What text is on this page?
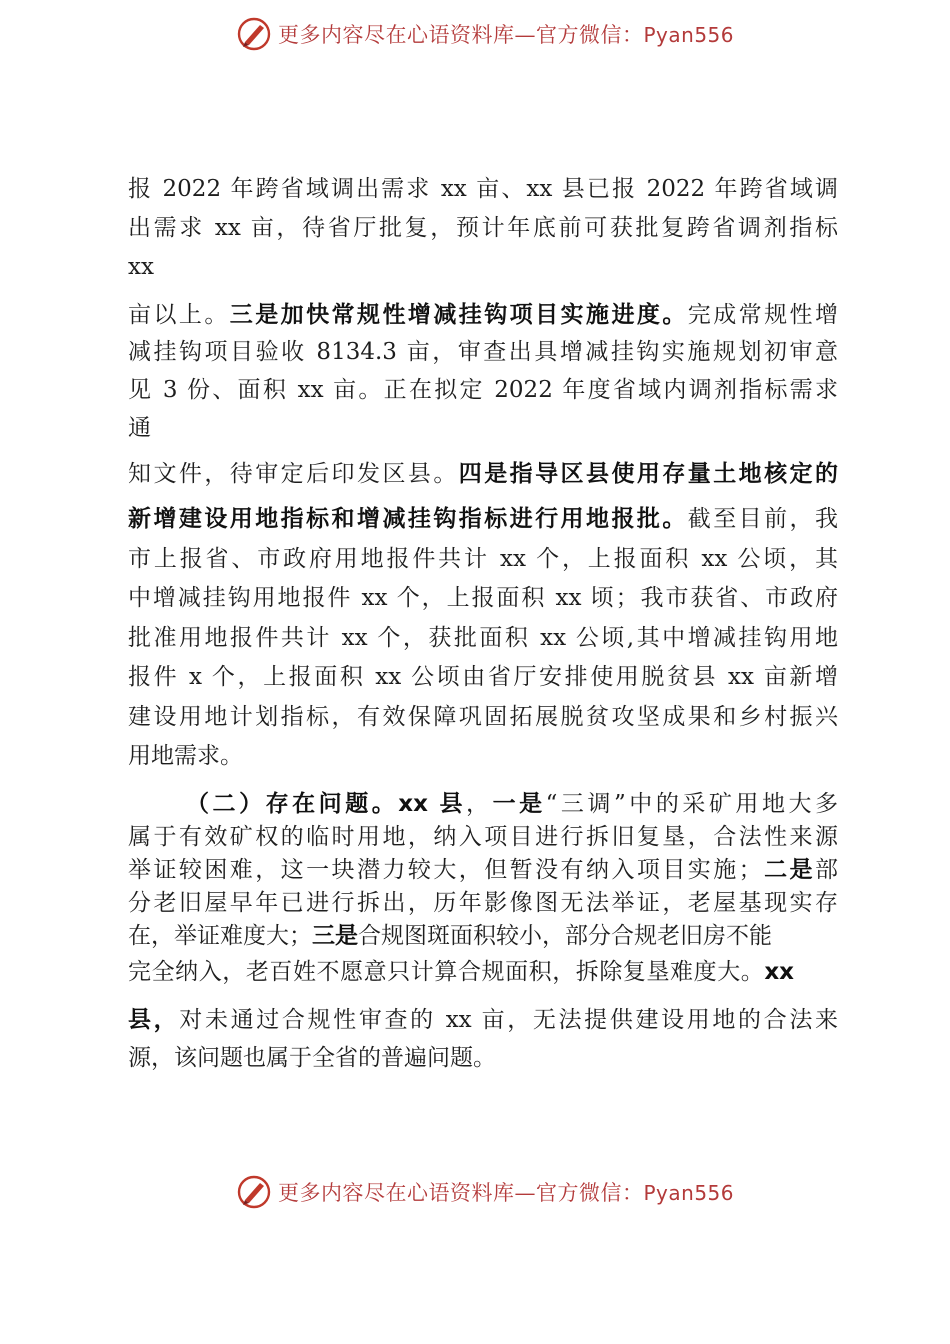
更多内容尽在心语资料库—官方微信：Pyan556
报 2022 年跨省域调出需求 xx 亩、xx 县已报 2022 年跨省域调
出需求 xx 亩，待省厅批复，预计年底前可获批复跨省调剂指标
xx
亩以上。三是加快常规性增减挂钩项目实施进度。完成常规性增
减挂钩项目验收 8134.3 亩，审查出具增减挂钩实施规划初审意
见 3 份、面积 xx 亩。正在拟定 2022 年度省域内调剂指标需求
通
知文件，待审定后印发区县。四是指导区县使用存量土地核定的
新增建设用地指标和增减挂钩指标进行用地报批。截至目前，我
市上报省、市政府用地报件共计 xx 个，上报面积 xx 公顷，其
中增减挂钩用地报件 xx 个，上报面积 xx 顷；我市获省、市政府
批准用地报件共计 xx 个，获批面积 xx 公顷,其中增减挂钩用地
报件 x 个，上报面积 xx 公顷由省厅安排使用脱贫县 xx 亩新增
建设用地计划指标，有效保障巩固拓展脱贫攻坚成果和乡村振兴
用地需求。
（二）存在问题。xx 县，一是“三调”中的采矿用地大多
属于有效矿权的临时用地，纳入项目进行拆旧复垦，合法性来源
举证较困难，这一块潜力较大，但暂没有纳入项目实施；二是部
分老旧屋早年已进行拆出，历年影像图无法举证，老屋基现实存
在，举证难度大；三是合规图斑面积较小，部分合规老旧房不能
完全纳入，老百姓不愿意只计算合规面积，拆除复垦难度大。xx
县，对未通过合规性审查的 xx 亩，无法提供建设用地的合法来
源，该问题也属于全省的普遍问题。
更多内容尽在心语资料库—官方微信：Pyan556
